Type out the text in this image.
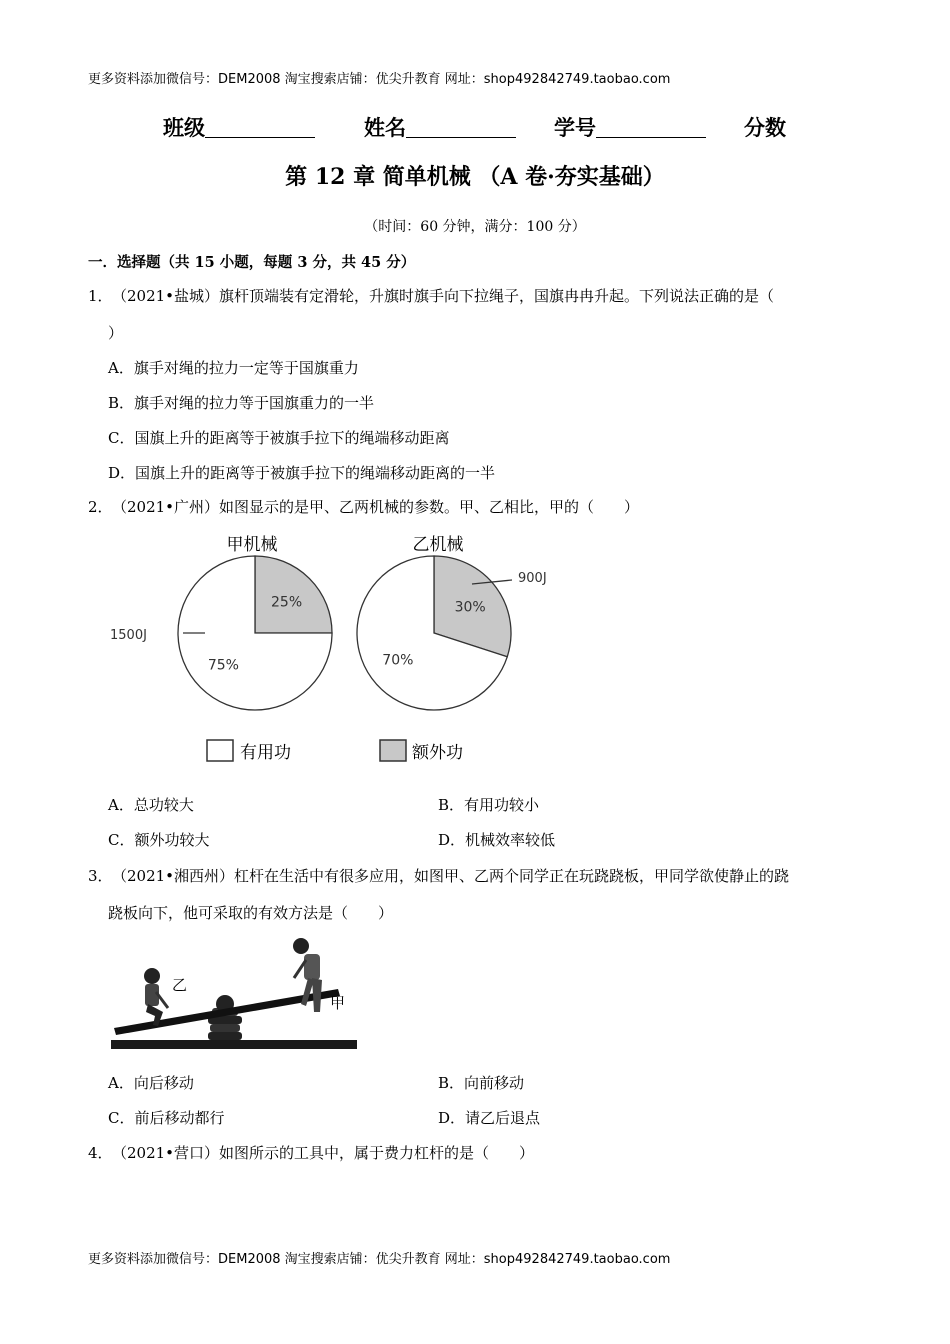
更多资料添加微信号：DEM2008 淘宝搜索店铺：优尖升教育 网址：shop492842749.taobao.com
班级	姓名	学号	分数
第 12 章 简单机械 （A 卷·夯实基础）
（时间：60 分钟，满分：100 分）
一．选择题（共 15 小题，每题 3 分，共 45 分）
1．（2021•盐城）旗杆顶端装有定滑轮，升旗时旗手向下拉绳子，国旗冉冉升起。下列说法正确的是（
）
A．旗手对绳的拉力一定等于国旗重力
B．旗手对绳的拉力等于国旗重力的一半
C．国旗上升的距离等于被旗手拉下的绳端移动距离
D．国旗上升的距离等于被旗手拉下的绳端移动距离的一半
2．（2021•广州）如图显示的是甲、乙两机械的参数。甲、乙相比，甲的（　　）
甲机械
25%
75%
1500J
乙机械
30%
70%
有用功	额外功
900J
A．总功较大	B．有用功较小
C．额外功较大	D．机械效率较低
3．（2021•湘西州）杠杆在生活中有很多应用，如图甲、乙两个同学正在玩跷跷板，甲同学欲使静止的跷
跷板向下，他可采取的有效方法是（　　）
乙
甲
A．向后移动	B．向前移动
C．前后移动都行	D．请乙后退点
4．（2021•营口）如图所示的工具中，属于费力杠杆的是（　　）
更多资料添加微信号：DEM2008 淘宝搜索店铺：优尖升教育 网址：shop492842749.taobao.com
